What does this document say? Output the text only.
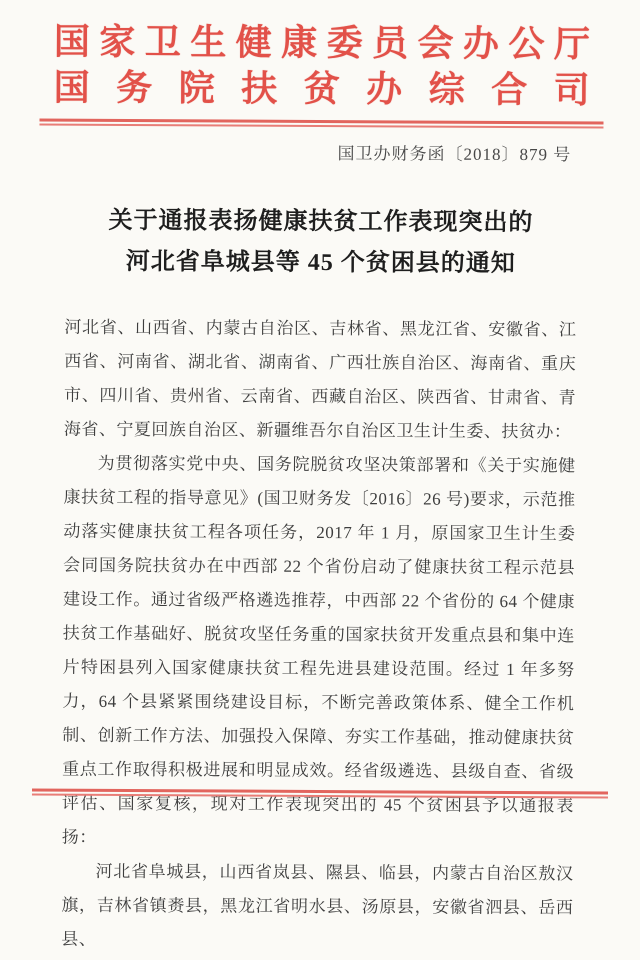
国家卫生健康委员会办公厅
国务院扶贫办综合司
国卫办财务函〔2018〕879 号
关于通报表扬健康扶贫工作表现突出的
河北省阜城县等 45 个贫困县的通知

河北省、山西省、内蒙古自治区、吉林省、黑龙江省、安徽省、江西省、河南省、湖北省、湖南省、广西壮族自治区、海南省、重庆市、四川省、贵州省、云南省、西藏自治区、陕西省、甘肃省、青海省、宁夏回族自治区、新疆维吾尔自治区卫生计生委、扶贫办：

为贯彻落实党中央、国务院脱贫攻坚决策部署和《关于实施健康扶贫工程的指导意见》(国卫财务发〔2016〕26 号)要求，示范推动落实健康扶贫工程各项任务，2017 年 1 月，原国家卫生计生委会同国务院扶贫办在中西部 22 个省份启动了健康扶贫工程示范县建设工作。通过省级严格遴选推荐，中西部 22 个省份的 64 个健康扶贫工作基础好、脱贫攻坚任务重的国家扶贫开发重点县和集中连片特困县列入国家健康扶贫工程先进县建设范围。经过 1 年多努力，64 个县紧紧围绕建设目标，不断完善政策体系、健全工作机制、创新工作方法、加强投入保障、夯实工作基础，推动健康扶贫重点工作取得积极进展和明显成效。经省级遴选、县级自查、省级评估、国家复核，现对工作表现突出的 45 个贫困县予以通报表扬：

河北省阜城县，山西省岚县、隰县、临县，内蒙古自治区敖汉旗，吉林省镇赉县，黑龙江省明水县、汤原县，安徽省泗县、岳西县、
